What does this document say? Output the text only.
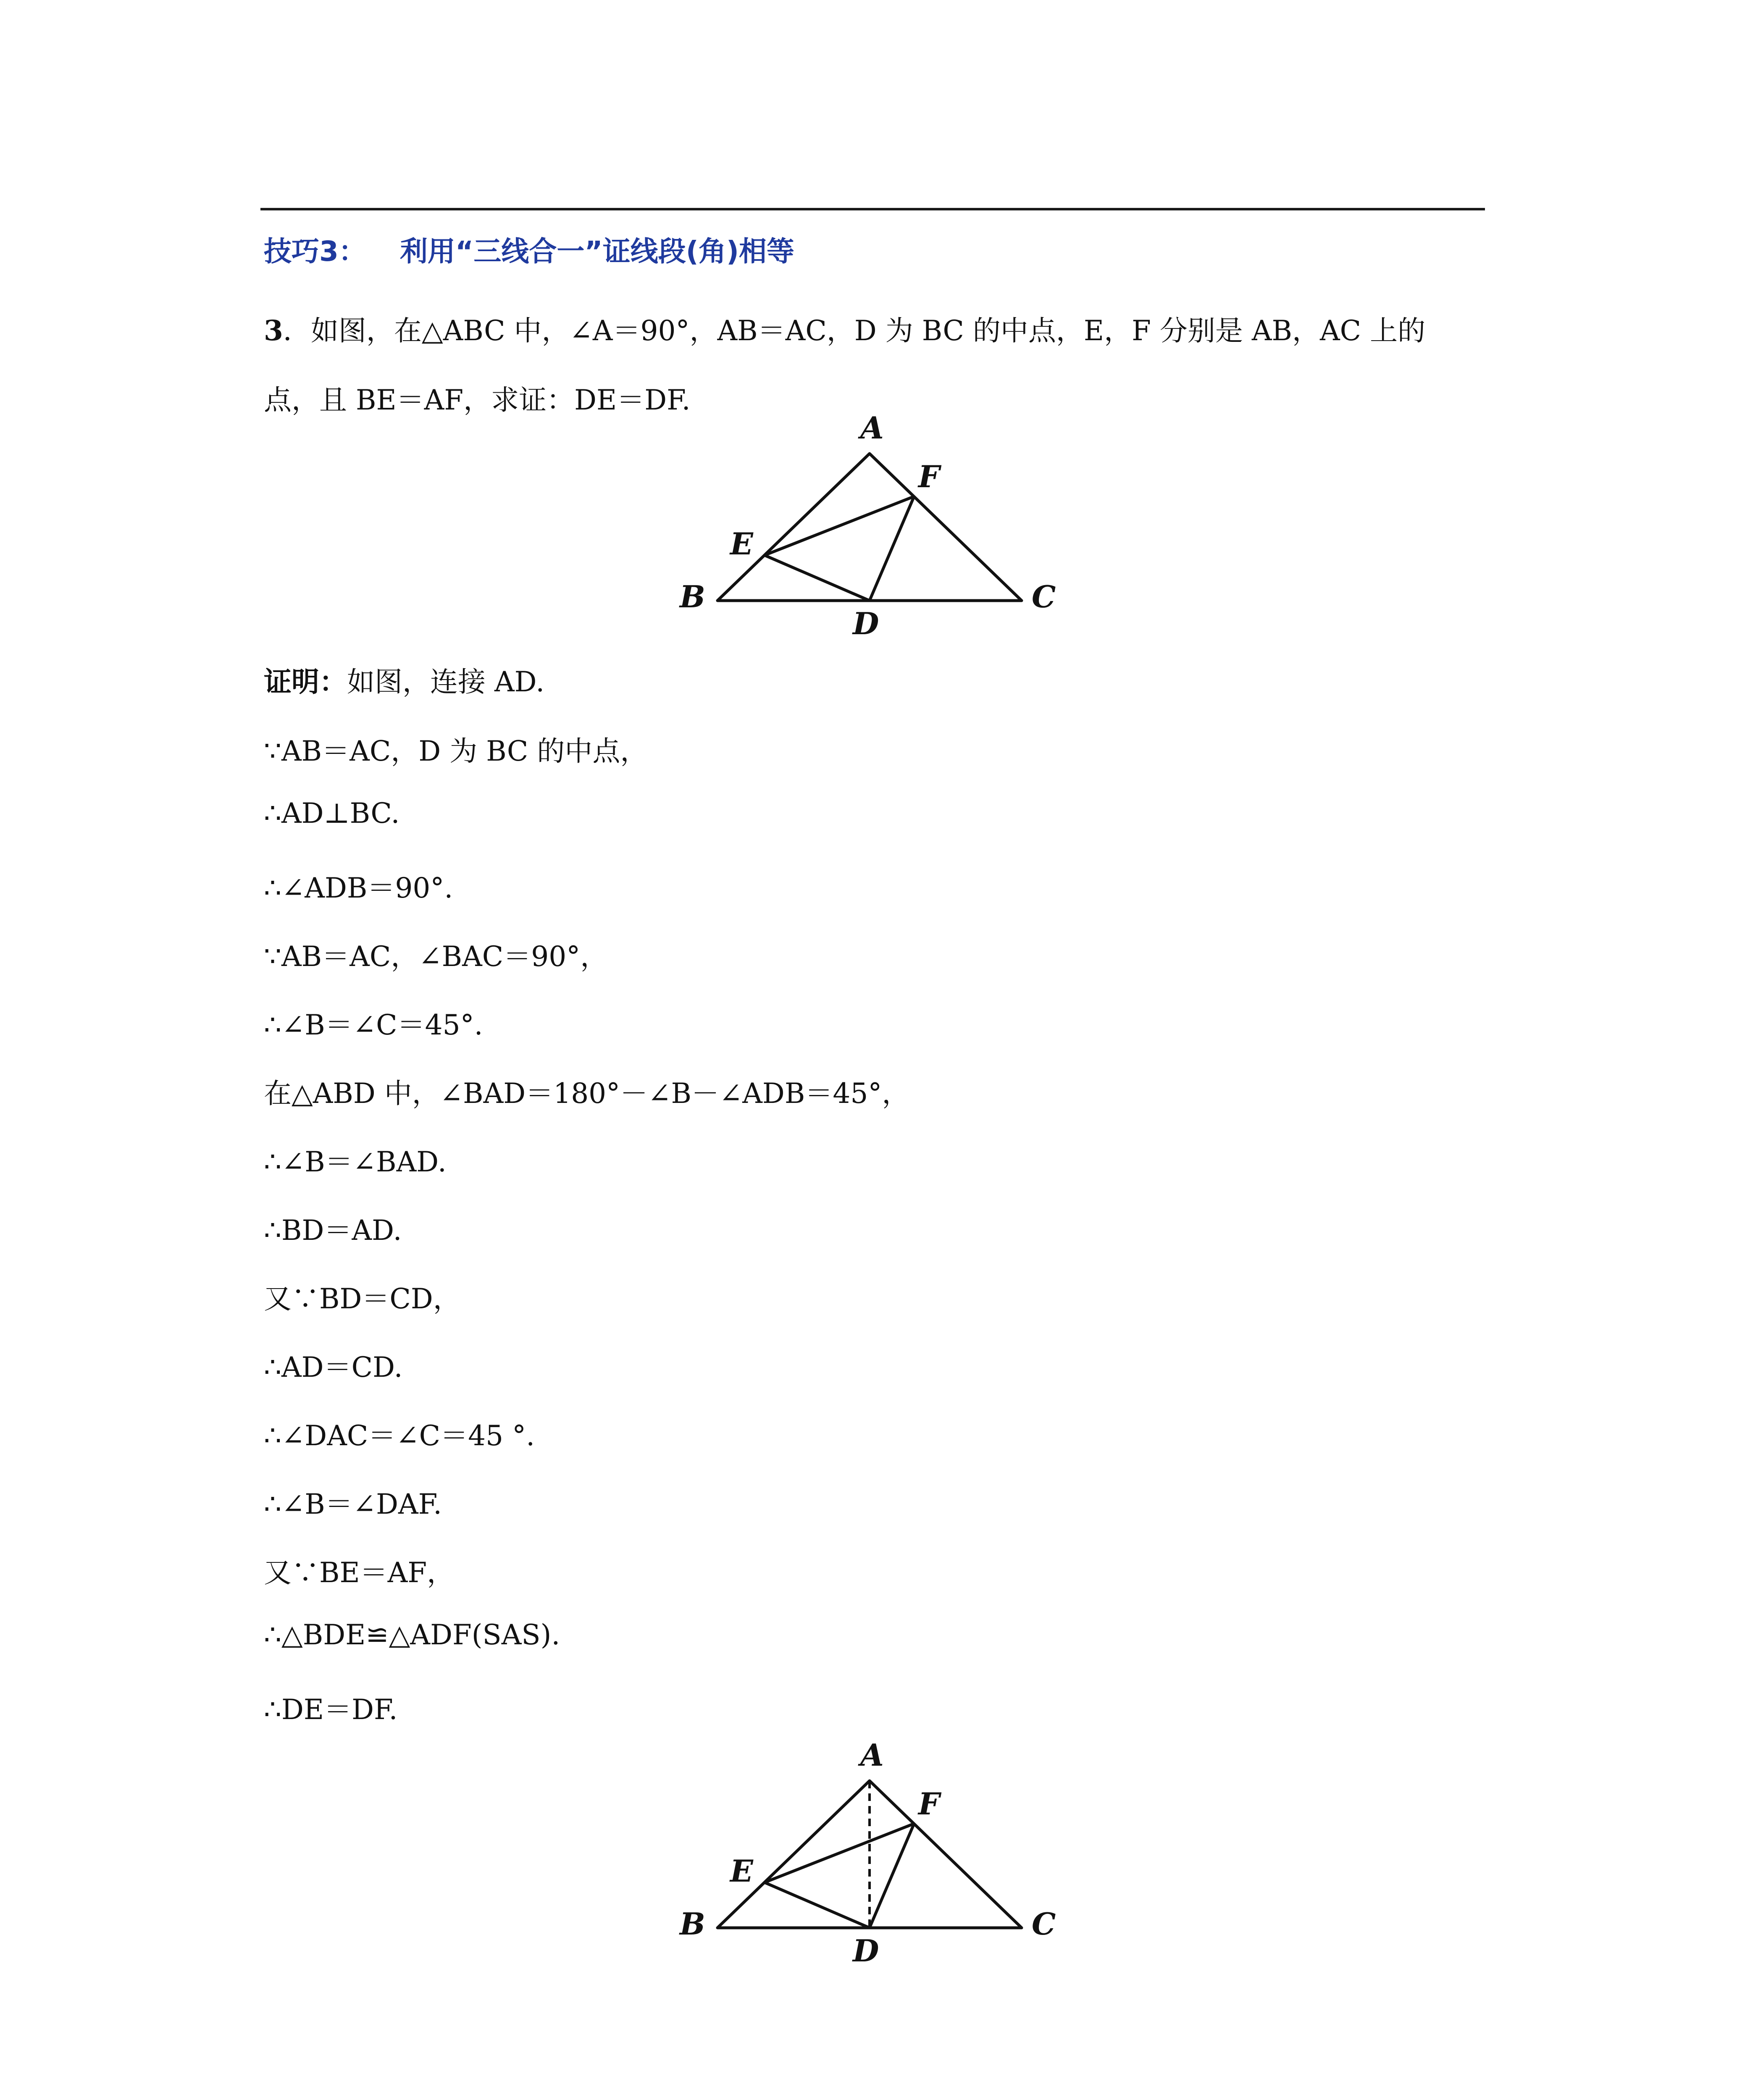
技巧3： 利用“三线合一”证线段(角)相等
3．如图，在△ABC 中，∠A＝90°，AB＝AC，D 为 BC 的中点，E，F 分别是 AB，AC 上的
点，且 BE＝AF，求证：DE＝DF.
A
F
E
B
D
C
证明：如图，连接 AD.
∵AB＝AC，D 为 BC 的中点，
∴AD⊥BC.
∴∠ADB＝90°.
∵AB＝AC，∠BAC＝90°，
∴∠B＝∠C＝45°.
在△ABD 中，∠BAD＝180°－∠B－∠ADB＝45°，
∴∠B＝∠BAD.
∴BD＝AD.
又∵BD＝CD，
∴AD＝CD.
∴∠DAC＝∠C＝45 °.
∴∠B＝∠DAF.
又∵BE＝AF，
∴△BDE≌△ADF(SAS).
∴DE＝DF.
A
F
E
B
D
C
